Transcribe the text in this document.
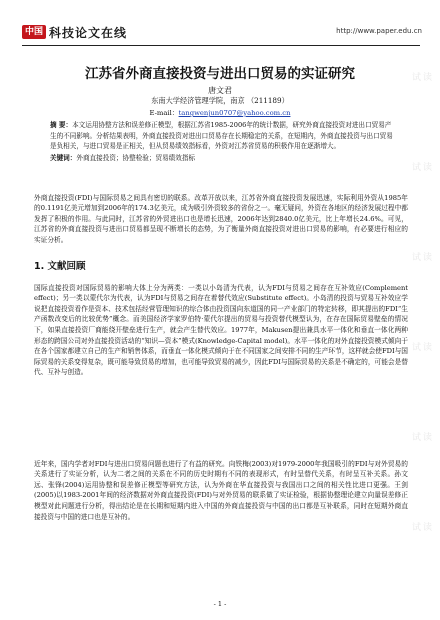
中国 科技论文在线	http://www.paper.edu.cn
江苏省外商直接投资与进出口贸易的实证研究
唐文君
东南大学经济管理学院，南京 （211189）
E-mail：tangwenjun0707@yahoo.com.cn
摘 要：本文运用协整方法和误差修正模型，根据江苏省1985-2006年的统计数据，研究外商直接投资对进出口贸易产生的不同影响。分析结果表明，外商直接投资对进出口贸易存在长期稳定的关系，在短期内，外商直接投资与出口贸易是负相关，与进口贸易是正相关，但从贸易绩效指标看，外资对江苏省贸易的积极作用在逐渐增大。
关键词：外商直接投资；协整检验；贸易绩效指标

外商直接投资(FDI)与国际贸易之间具有密切的联系。改革开放以来，江苏省外商直接投资发展迅速，实际利用外资从1985年的0.1191亿美元增加到2006年的174.3亿美元，成为吸引外资较多的省份之一。毫无疑问，外资在各地区的经济发展过程中都发挥了积极的作用。与此同时，江苏省的外贸进出口也是增长迅速，2006年达到2840.0亿美元，比上年增长24.6%。可见，江苏省的外商直接投资与进出口贸易都呈现不断增长的态势，为了衡量外商直接投资对进出口贸易的影响，有必要进行相应的实证分析。

1. 文献回顾

国际直接投资对国际贸易的影响大体上分为两类：一类以小岛清为代表，认为FDI与贸易之间存在互补效应(Complement effect)；另一类以蒙代尔为代表，认为FDI与贸易之间存在着替代效应(Substitute effect)。小岛清的投资与贸易互补效应学说把直接投资看作是资本、技术包括经营管理知识的综合体由投资国向东道国的同一产业部门的特定转移，即其提出的FDI“生产函数改变后的比较优势”概念。而美国经济学家罗伯特·蒙代尔提出的贸易与投资替代模型认为，在存在国际贸易壁垒的情况下，如果直接投资厂商能绕开壁垒进行生产，就会产生替代效应。1977年，Makusen提出兼具水平一体化和垂直一体化两种形态的跨国公司对外直接投资活动的“知识—资本”模式(Knowledge-Capital model)。水平一体化的对外直接投资模式倾向于在各个国家都建立自己的生产和销售体系，而垂直一体化模式倾向于在不同国家之间安排不同的生产环节，这样就会使FDI与国际贸易的关系变得复杂，既可能导致贸易的增加，也可能导致贸易的减少，因此FDI与国际贸易的关系是不确定的，可能会是替代、互补与创造。

近年来，国内学者对FDI与进出口贸易问题也进行了有益的研究。向铁梅(2003)对1979-2000年我国吸引的FDI与对外贸易的关系进行了实证分析，认为二者之间的关系在不同的历史时期有不同的表现形式，有时呈替代关系，有时呈互补关系。孙文远、张锋(2004)运用协整和误差修正模型等研究方法，认为外商在华直接投资与我国出口之间的相关性比进口更强。王剑(2005)以1983-2001年间的经济数据对外商直接投资(FDI)与对外贸易的联系做了实证检验，根据协整理论建立向量误差修正模型对此问题进行分析，得出结论是在长期和短期内进入中国的外商直接投资与中国的出口都是互补联系，同时在短期外商直接投资与中国的进口也是互补的。

- 1 -
试读
试读
试读
试读
试读
试读
